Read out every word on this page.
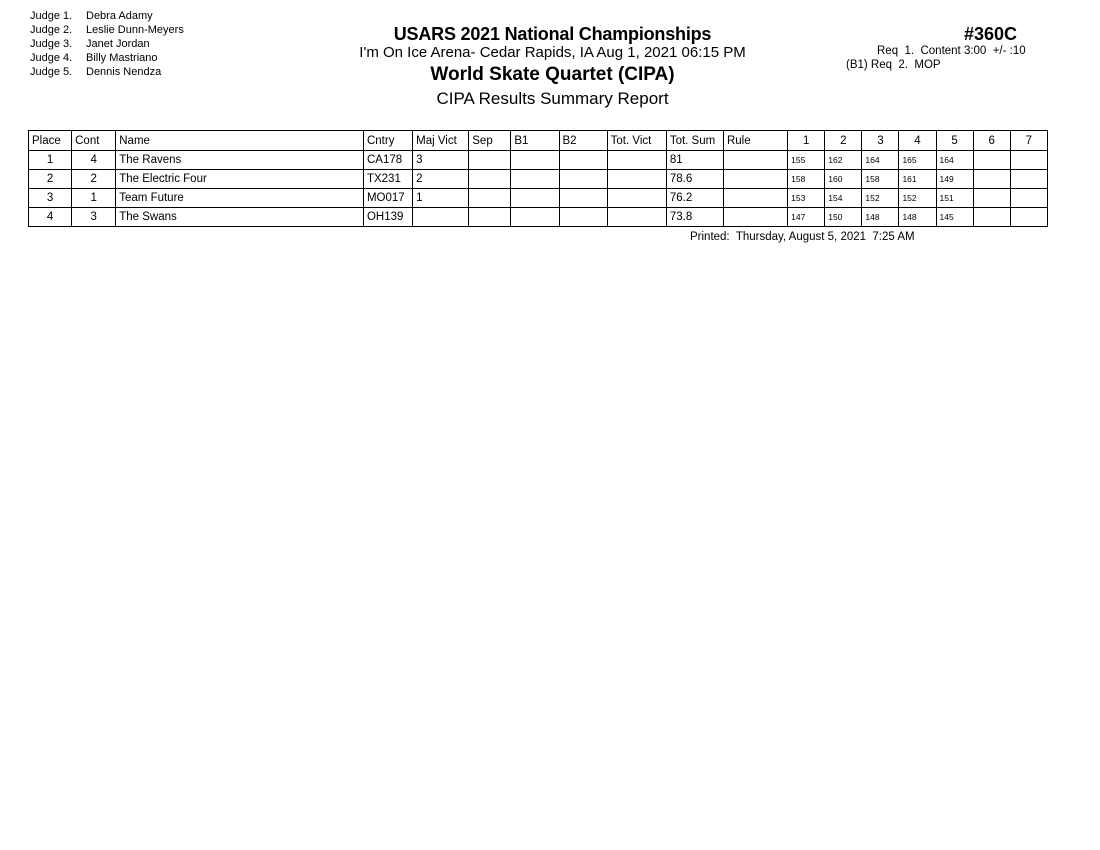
Judge 1. Debra Adamy
Judge 2. Leslie Dunn-Meyers
Judge 3. Janet Jordan
Judge 4. Billy Mastriano
Judge 5. Dennis Nendza
USARS 2021 National Championships
I'm On Ice Arena- Cedar Rapids, IA Aug 1, 2021 06:15 PM
World Skate Quartet (CIPA)
CIPA Results Summary Report
#360C
Req  1.  Content 3:00  +/- :10
(B1) Req  2.  MOP
Place	Cont	Name	Cntry	Maj Vict	Sep	B1	B2	Tot. Vict	Tot. Sum	Rule	1	2	3	4	5	6	7
1	4	The Ravens	CA178	3					81		155	162	164	165	164		
2	2	The Electric Four	TX231	2					78.6		158	160	158	161	149		
3	1	Team Future	MO017	1					76.2		153	154	152	152	151		
4	3	The Swans	OH139						73.8		147	150	148	148	145		
Printed:  Thursday, August 5, 2021  7:25 AM
